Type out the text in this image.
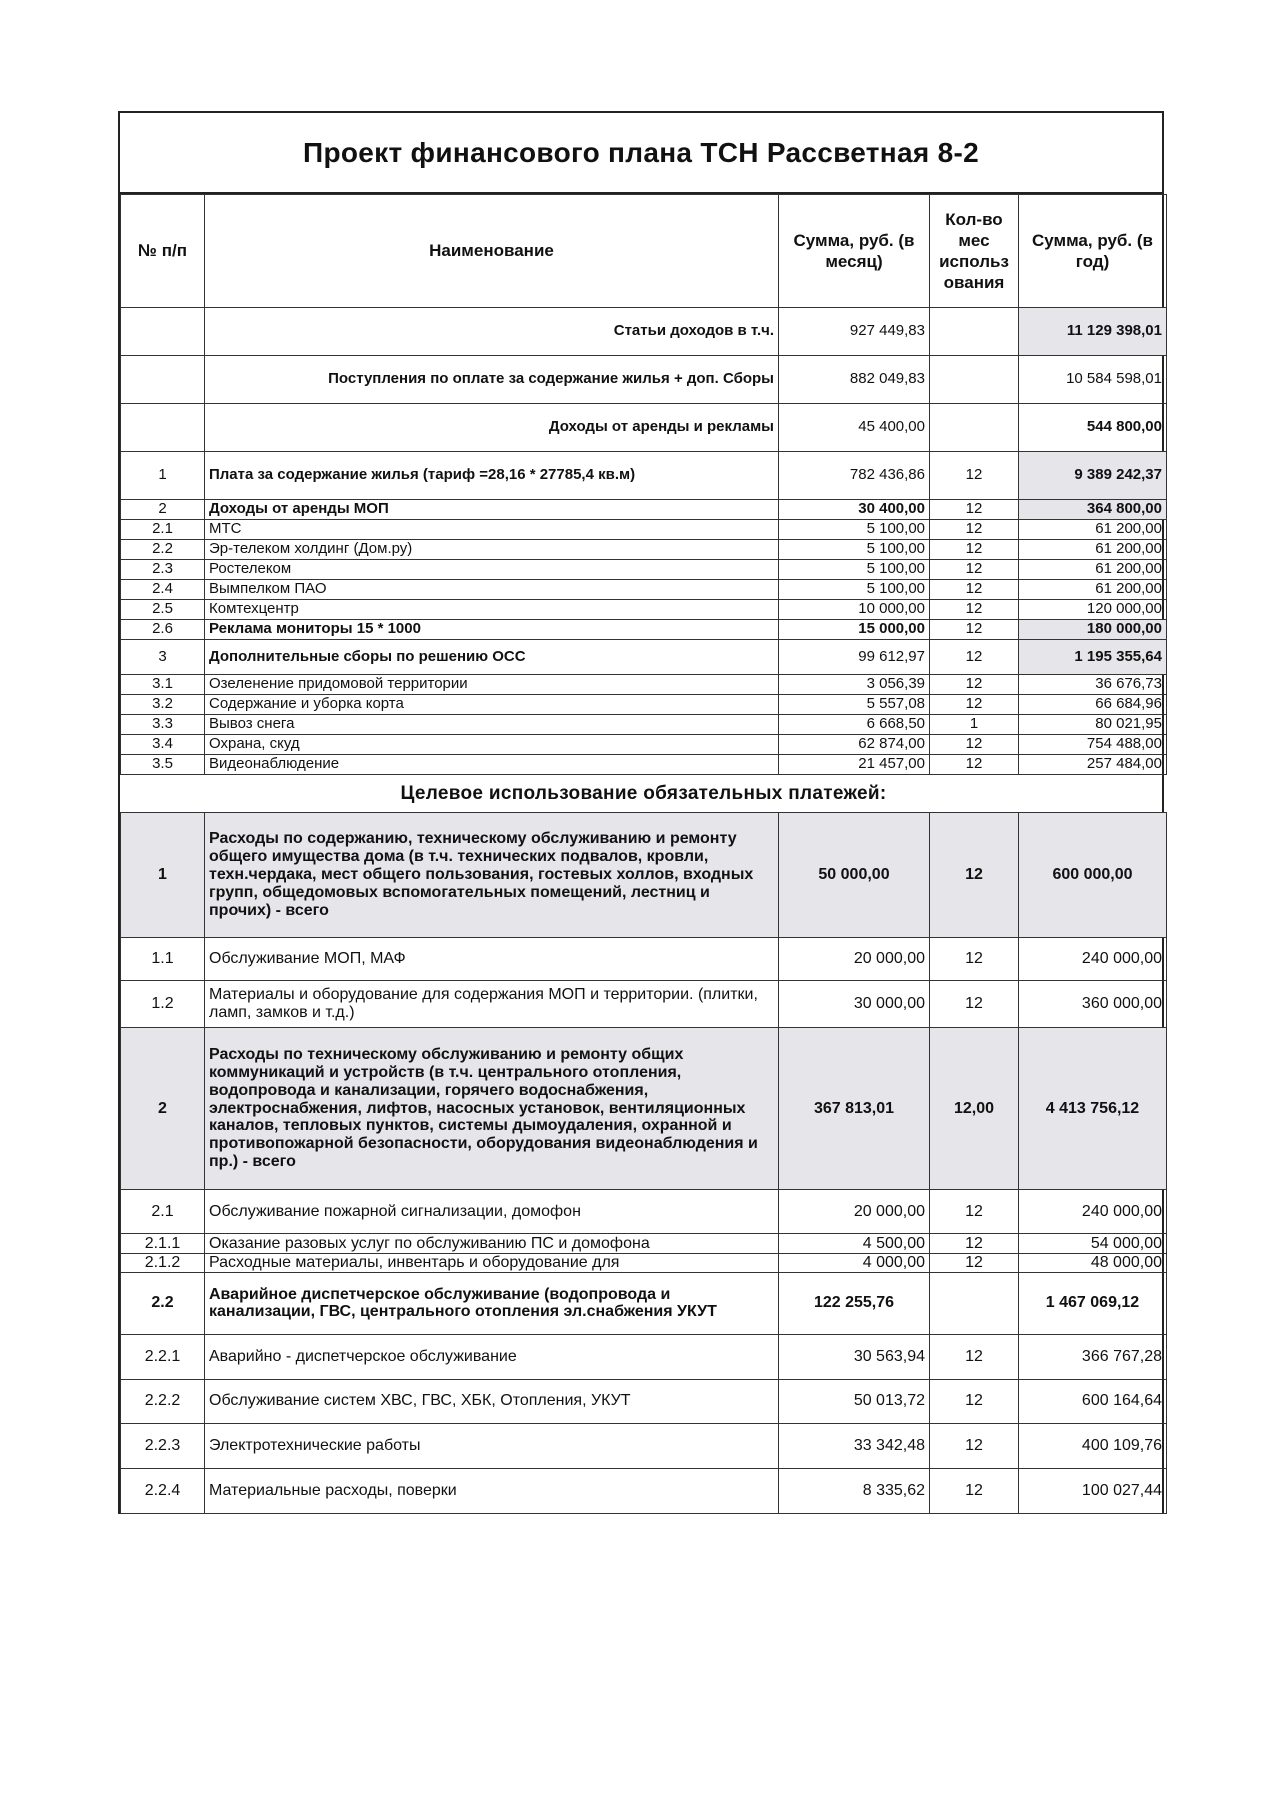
Проект финансового плана ТСН Рассветная 8-2
№ п/п	Наименование	Сумма, руб. (в месяц)	Кол-во мес использ ования	Сумма, руб. (в год)
	Статьи доходов в т.ч.	927 449,83		11 129 398,01
	Поступления по оплате за содержание жилья + доп. Сборы	882 049,83		10 584 598,01
	Доходы от аренды и рекламы	45 400,00		544 800,00
1	Плата за содержание жилья (тариф =28,16 * 27785,4 кв.м)	782 436,86	12	9 389 242,37
2	Доходы от аренды МОП	30 400,00	12	364 800,00
2.1	МТС	5 100,00	12	61 200,00
2.2	Эр-телеком холдинг (Дом.ру)	5 100,00	12	61 200,00
2.3	Ростелеком	5 100,00	12	61 200,00
2.4	Вымпелком ПАО	5 100,00	12	61 200,00
2.5	Комтехцентр	10 000,00	12	120 000,00
2.6	Реклама мониторы 15 * 1000	15 000,00	12	180 000,00
3	Дополнительные сборы по решению ОСС	99 612,97	12	1 195 355,64
3.1	Озеленение придомовой территории	3 056,39	12	36 676,73
3.2	Содержание и уборка корта	5 557,08	12	66 684,96
3.3	Вывоз снега	6 668,50	1	80 021,95
3.4	Охрана, скуд	62 874,00	12	754 488,00
3.5	Видеонаблюдение	21 457,00	12	257 484,00
Целевое использование обязательных платежей:				
1	Расходы по содержанию, техническому обслуживанию и ремонту общего имущества дома (в т.ч. технических подвалов, кровли, техн.чердака, мест общего пользования, гостевых холлов, входных групп, общедомовых вспомогательных помещений, лестниц и прочих) - всего	50 000,00	12	600 000,00
1.1	Обслуживание МОП, МАФ	20 000,00	12	240 000,00
1.2	Материалы и оборудование для содержания МОП и территории. (плитки, ламп, замков и т.д.)	30 000,00	12	360 000,00
2	Расходы по техническому обслуживанию и ремонту общих коммуникаций и устройств (в т.ч. центрального отопления, водопровода и канализации, горячего водоснабжения, электроснабжения, лифтов, насосных установок, вентиляционных каналов, тепловых пунктов, системы дымоудаления, охранной и противопожарной безопасности, оборудования видеонаблюдения и пр.) - всего	367 813,01	12,00	4 413 756,12
2.1	Обслуживание пожарной сигнализации, домофон	20 000,00	12	240 000,00
2.1.1	Оказание разовых услуг по обслуживанию ПС и домофона	4 500,00	12	54 000,00
2.1.2	Расходные материалы, инвентарь и оборудование для	4 000,00	12	48 000,00
2.2	Аварийное диспетчерское обслуживание (водопровода и канализации, ГВС, центрального отопления эл.снабжения УКУТ	122 255,76		1 467 069,12
2.2.1	Аварийно - диспетчерское обслуживание	30 563,94	12	366 767,28
2.2.2	Обслуживание систем ХВС, ГВС, ХБК, Отопления, УКУТ	50 013,72	12	600 164,64
2.2.3	Электротехнические работы	33 342,48	12	400 109,76
2.2.4	Материальные расходы, поверки	8 335,62	12	100 027,44
